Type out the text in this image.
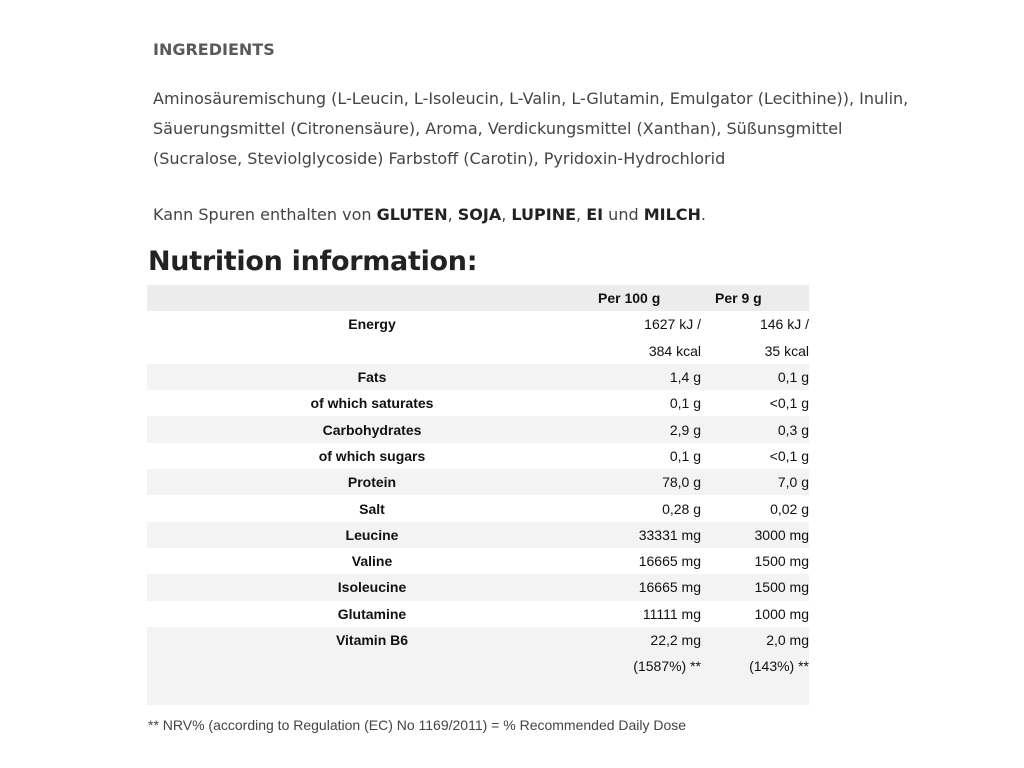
INGREDIENTS

Aminosäuremischung (L-Leucin, L-Isoleucin, L-Valin, L-Glutamin, Emulgator (Lecithine)), Inulin, Säuerungsmittel (Citronensäure), Aroma, Verdickungsmittel (Xanthan), Süßunsgmittel (Sucralose, Steviolglycoside) Farbstoff (Carotin), Pyridoxin-Hydrochlorid

Kann Spuren enthalten von GLUTEN, SOJA, LUPINE, EI und MILCH.

Nutrition information:
	Per 100 g	Per 9 g
Energy	1627 kJ /	146 kJ /
	384 kcal	35 kcal
Fats	1,4 g	0,1 g
of which saturates	0,1 g	<0,1 g
Carbohydrates	2,9 g	0,3 g
of which sugars	0,1 g	<0,1 g
Protein	78,0 g	7,0 g
Salt	0,28 g	0,02 g
Leucine	33331 mg	3000 mg
Valine	16665 mg	1500 mg
Isoleucine	16665 mg	1500 mg
Glutamine	11111 mg	1000 mg
Vitamin B6	22,2 mg	2,0 mg
	(1587%) **	(143%) **

** NRV% (according to Regulation (EC) No 1169/2011) = % Recommended Daily Dose
